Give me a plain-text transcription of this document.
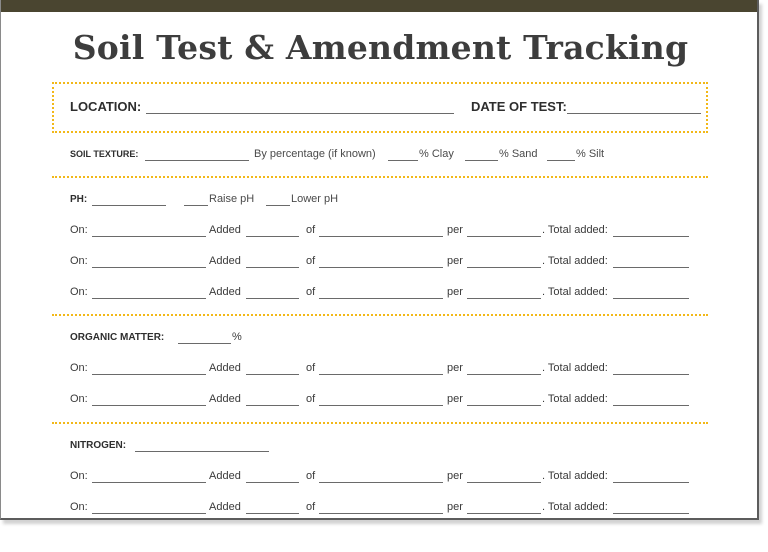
Soil Test & Amendment Tracking
LOCATION:	DATE OF TEST:
SOIL TEXTURE:	By percentage (if known)	% Clay	% Sand	% Silt
PH:	Raise pH	Lower pH
On:	Added	of	per	. Total added:
On:	Added	of	per	. Total added:
On:	Added	of	per	. Total added:
ORGANIC MATTER:	%
On:	Added	of	per	. Total added:
On:	Added	of	per	. Total added:
NITROGEN:
On:	Added	of	per	. Total added:
On:	Added	of	per	. Total added:
